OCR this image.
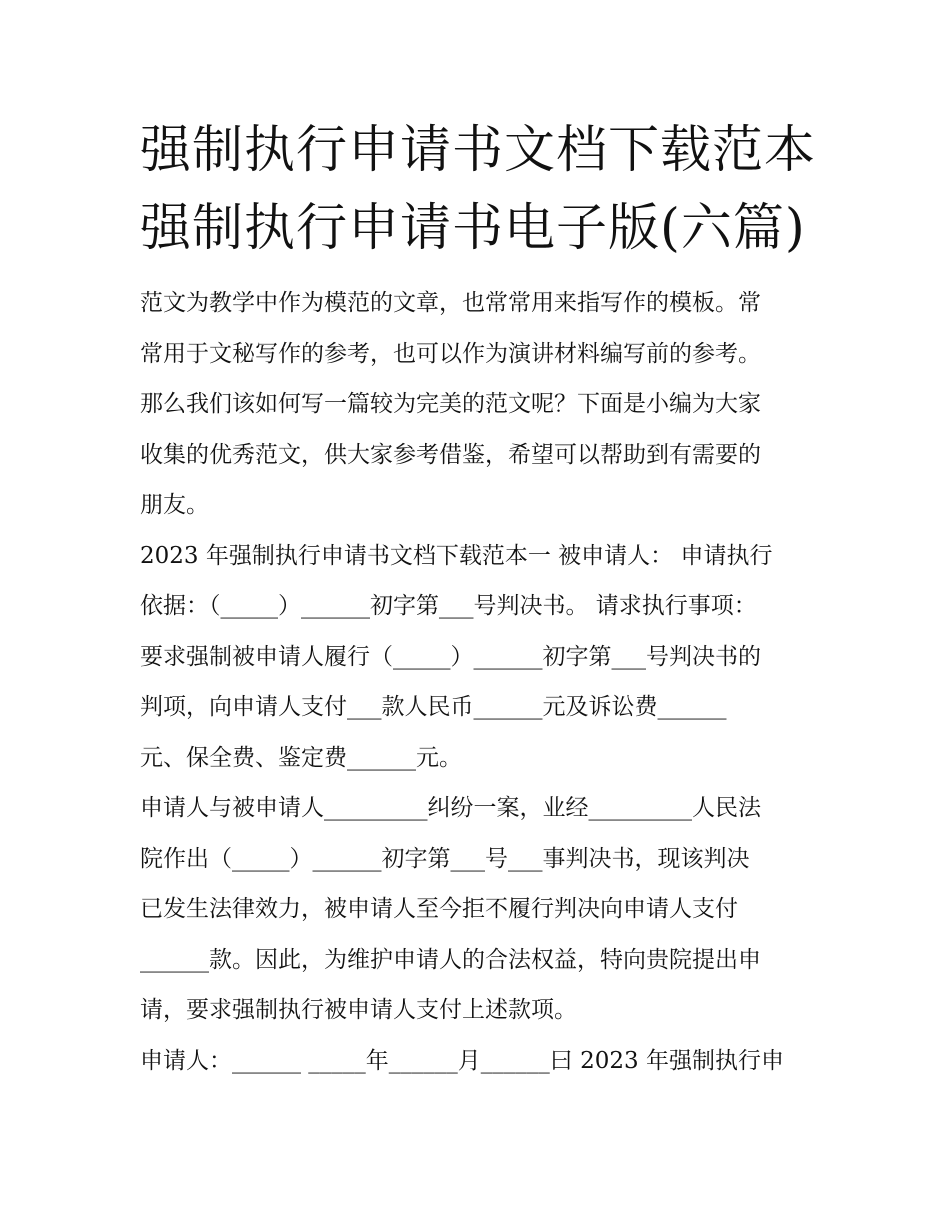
强制执行申请书文档下载范本
强制执行申请书电子版(六篇)

范文为教学中作为模范的文章，也常常用来指写作的模板。常
常用于文秘写作的参考，也可以作为演讲材料编写前的参考。
那么我们该如何写一篇较为完美的范文呢？下面是小编为大家
收集的优秀范文，供大家参考借鉴，希望可以帮助到有需要的
朋友。

2023 年强制执行申请书文档下载范本一 被申请人： 申请执行
依据：（_____）______初字第___号判决书。 请求执行事项：
要求强制被申请人履行（_____）______初字第___号判决书的
判项，向申请人支付___款人民币______元及诉讼费______
元、保全费、鉴定费______元。

申请人与被申请人_________纠纷一案，业经_________人民法
院作出（_____）______初字第___号___事判决书，现该判决
已发生法律效力，被申请人至今拒不履行判决向申请人支付
______款。因此，为维护申请人的合法权益，特向贵院提出申
请，要求强制执行被申请人支付上述款项。

申请人：______ _____年______月______曰 2023 年强制执行申
